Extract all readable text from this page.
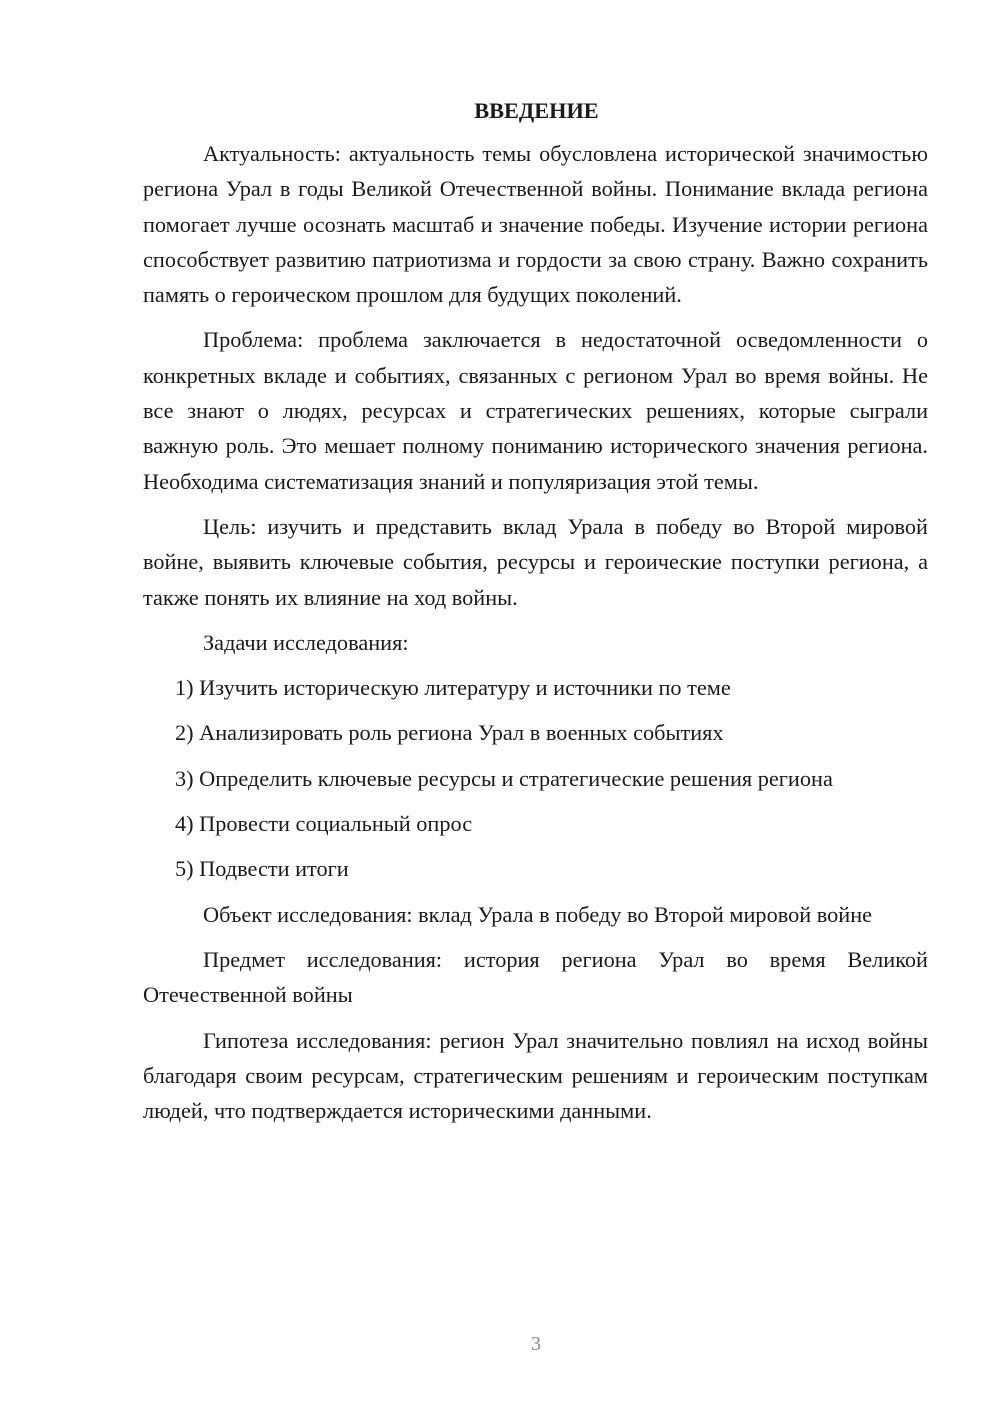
ВВЕДЕНИЕ

Актуальность: актуальность темы обусловлена исторической значимостью региона Урал в годы Великой Отечественной войны. Понимание вклада региона помогает лучше осознать масштаб и значение победы. Изучение истории региона способствует развитию патриотизма и гордости за свою страну. Важно сохранить память о героическом прошлом для будущих поколений.

Проблема: проблема заключается в недостаточной осведомленности о конкретных вкладе и событиях, связанных с регионом Урал во время войны. Не все знают о людях, ресурсах и стратегических решениях, которые сыграли важную роль. Это мешает полному пониманию исторического значения региона. Необходима систематизация знаний и популяризация этой темы.

Цель: изучить и представить вклад Урала в победу во Второй мировой войне, выявить ключевые события, ресурсы и героические поступки региона, а также понять их влияние на ход войны.

Задачи исследования:

1) Изучить историческую литературу и источники по теме
2) Анализировать роль региона Урал в военных событиях
3) Определить ключевые ресурсы и стратегические решения региона
4) Провести социальный опрос
5) Подвести итоги

Объект исследования: вклад Урала в победу во Второй мировой войне

Предмет исследования: история региона Урал во время Великой Отечественной войны

Гипотеза исследования: регион Урал значительно повлиял на исход войны благодаря своим ресурсам, стратегическим решениям и героическим поступкам людей, что подтверждается историческими данными.

3
